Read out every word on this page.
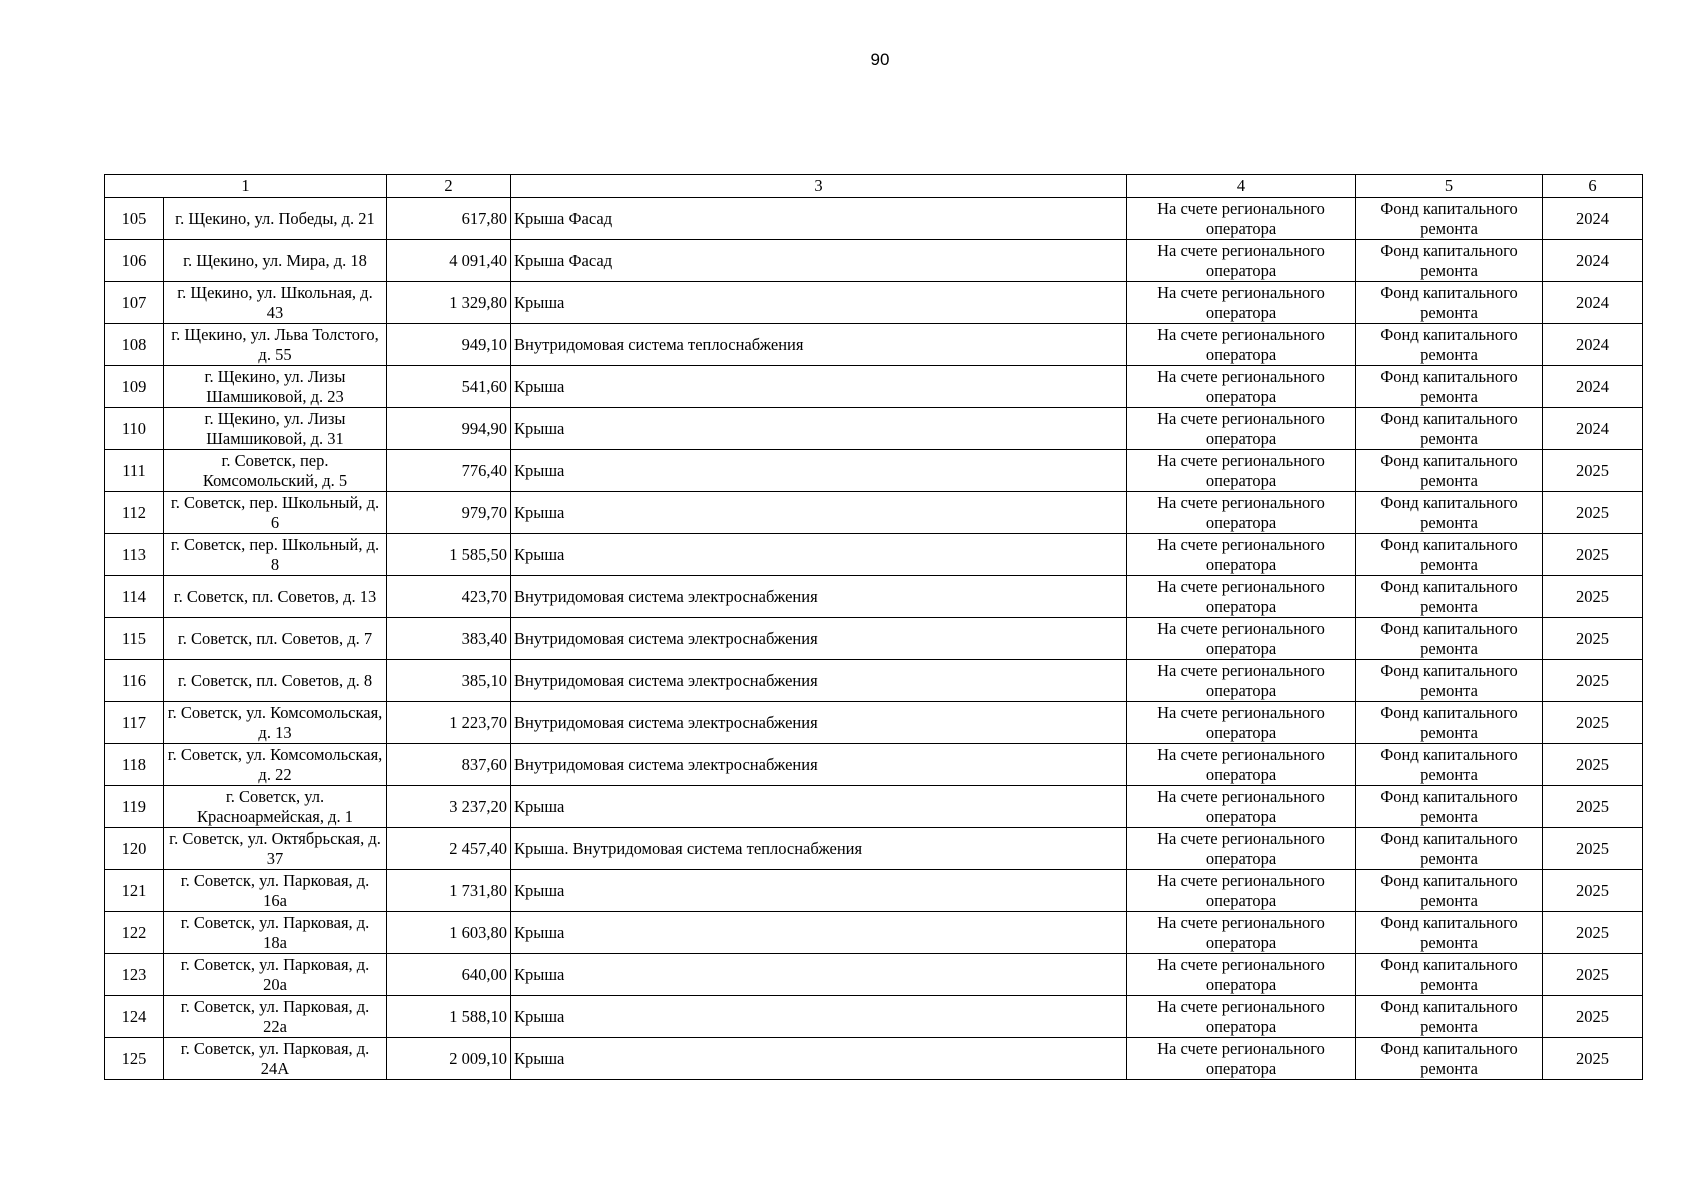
90
1		2	3	4	5	6
105	г. Щекино, ул. Победы, д. 21	617,80	Крыша Фасад	На счете регионального оператора	Фонд капитального ремонта	2024
106	г. Щекино, ул. Мира, д. 18	4 091,40	Крыша Фасад	На счете регионального оператора	Фонд капитального ремонта	2024
107	г. Щекино, ул. Школьная, д. 43	1 329,80	Крыша	На счете регионального оператора	Фонд капитального ремонта	2024
108	г. Щекино, ул. Льва Толстого, д. 55	949,10	Внутридомовая система теплоснабжения	На счете регионального оператора	Фонд капитального ремонта	2024
109	г. Щекино, ул. Лизы Шамшиковой, д. 23	541,60	Крыша	На счете регионального оператора	Фонд капитального ремонта	2024
110	г. Щекино, ул. Лизы Шамшиковой, д. 31	994,90	Крыша	На счете регионального оператора	Фонд капитального ремонта	2024
111	г. Советск, пер. Комсомольский, д. 5	776,40	Крыша	На счете регионального оператора	Фонд капитального ремонта	2025
112	г. Советск, пер. Школьный, д. 6	979,70	Крыша	На счете регионального оператора	Фонд капитального ремонта	2025
113	г. Советск, пер. Школьный, д. 8	1 585,50	Крыша	На счете регионального оператора	Фонд капитального ремонта	2025
114	г. Советск, пл. Советов, д. 13	423,70	Внутридомовая система электроснабжения	На счете регионального оператора	Фонд капитального ремонта	2025
115	г. Советск, пл. Советов, д. 7	383,40	Внутридомовая система электроснабжения	На счете регионального оператора	Фонд капитального ремонта	2025
116	г. Советск, пл. Советов, д. 8	385,10	Внутридомовая система электроснабжения	На счете регионального оператора	Фонд капитального ремонта	2025
117	г. Советск, ул. Комсомольская, д. 13	1 223,70	Внутридомовая система электроснабжения	На счете регионального оператора	Фонд капитального ремонта	2025
118	г. Советск, ул. Комсомольская, д. 22	837,60	Внутридомовая система электроснабжения	На счете регионального оператора	Фонд капитального ремонта	2025
119	г. Советск, ул. Красноармейская, д. 1	3 237,20	Крыша	На счете регионального оператора	Фонд капитального ремонта	2025
120	г. Советск, ул. Октябрьская, д. 37	2 457,40	Крыша. Внутридомовая система теплоснабжения	На счете регионального оператора	Фонд капитального ремонта	2025
121	г. Советск, ул. Парковая, д. 16а	1 731,80	Крыша	На счете регионального оператора	Фонд капитального ремонта	2025
122	г. Советск, ул. Парковая, д. 18а	1 603,80	Крыша	На счете регионального оператора	Фонд капитального ремонта	2025
123	г. Советск, ул. Парковая, д. 20а	640,00	Крыша	На счете регионального оператора	Фонд капитального ремонта	2025
124	г. Советск, ул. Парковая, д. 22а	1 588,10	Крыша	На счете регионального оператора	Фонд капитального ремонта	2025
125	г. Советск, ул. Парковая, д. 24А	2 009,10	Крыша	На счете регионального оператора	Фонд капитального ремонта	2025
